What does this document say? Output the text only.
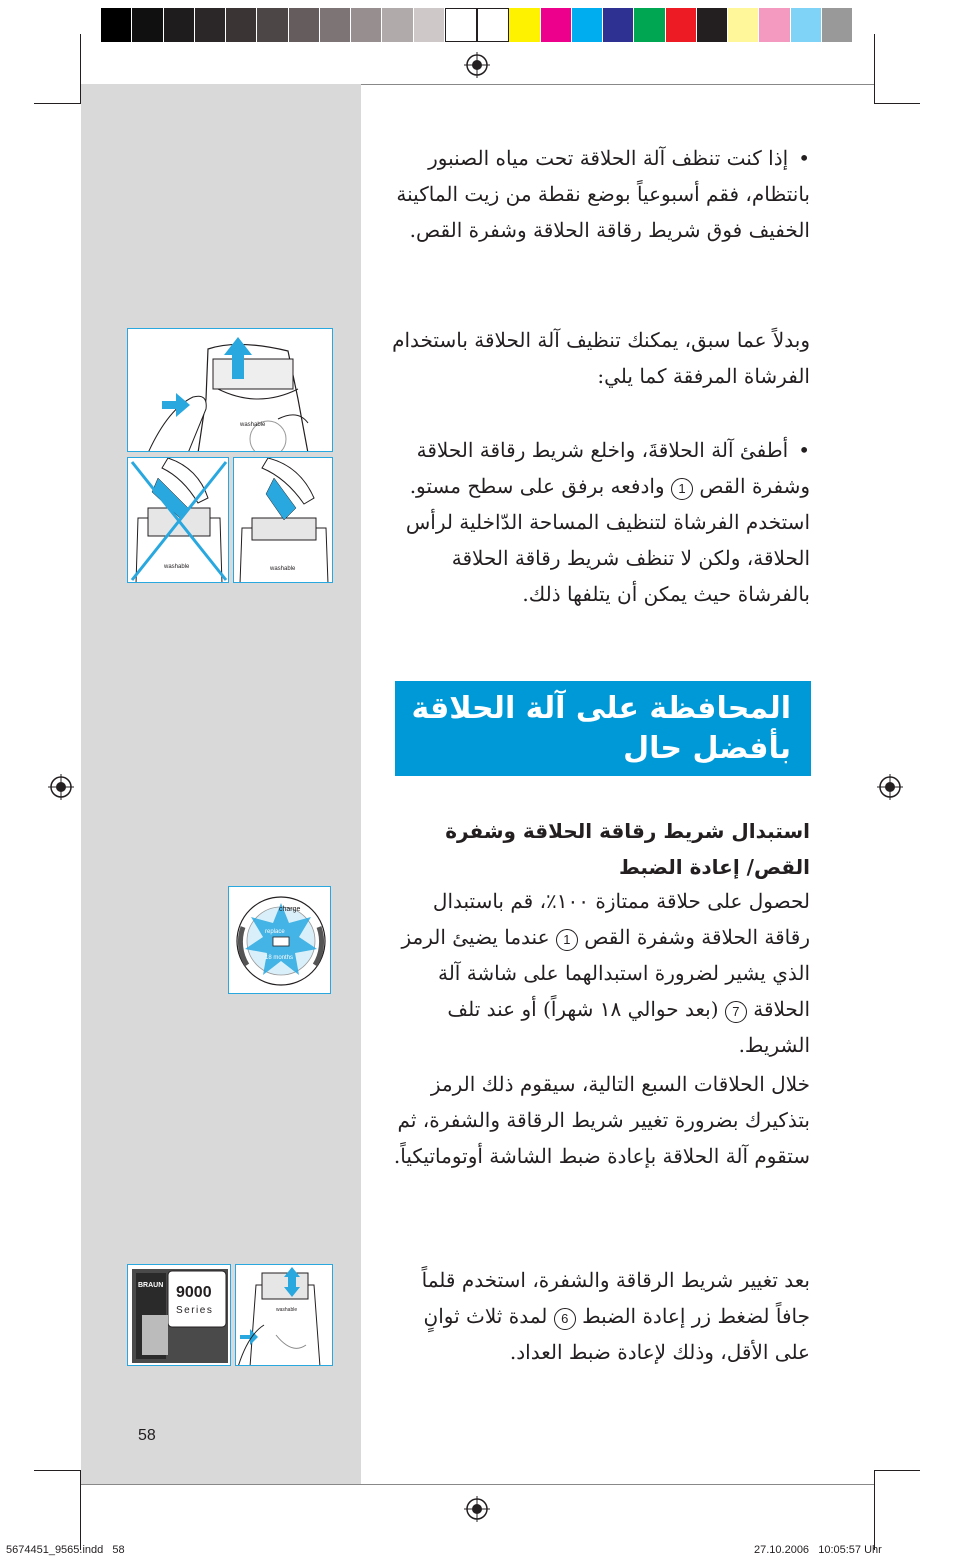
washable
washable	washable
charge
replace
18 months
BRAUN 9000
Series	washable

• إذا كنت تنظف آلة الحلاقة تحت مياه الصنبور بانتظام، فقم أسبوعياً بوضع نقطة من زيت الماكينة الخفيف فوق شريط رقاقة الحلاقة وشفرة القص.

وبدلاً عما سبق، يمكنك تنظيف آلة الحلاقة باستخدام الفرشاة المرفقة كما يلي:

• أطفئ آلة الحلاقةَ، واخلع شريط رقاقة الحلاقة وشفرة القص 1 وادفعه برفق على سطح مستو. استخدم الفرشاة لتنظيف المساحة الدّاخلية لرأس الحلاقة، ولكن لا تنظف شريط رقاقة الحلاقة بالفرشاة حيث يمكن أن يتلفها ذلك.

المحافظة على آلة الحلاقة بأفضل حال
استبدال شريط رقاقة الحلاقة وشفرة القص/ إعادة الضبط

لحصول على حلاقة ممتازة ١٠٠٪، قم باستبدال رقاقة الحلاقة وشفرة القص 1 عندما يضيئ الرمز الذي يشير لضرورة استبدالهما على شاشة آلة الحلاقة 7 (بعد حوالي ١٨ شهراً) أو عند تلف الشريط.

خلال الحلاقات السبع التالية، سيقوم ذلك الرمز بتذكيرك بضرورة تغيير شريط الرقاقة والشفرة، ثم ستقوم آلة الحلاقة بإعادة ضبط الشاشة أوتوماتيكياً.

بعد تغيير شريط الرقاقة والشفرة، استخدم قلماً جافاً لضغط زر إعادة الضبط 6 لمدة ثلاث ثوانٍ على الأقل، وذلك لإعادة ضبط العداد.

58
5674451_9565.indd   58	27.10.2006   10:05:57 Uhr
